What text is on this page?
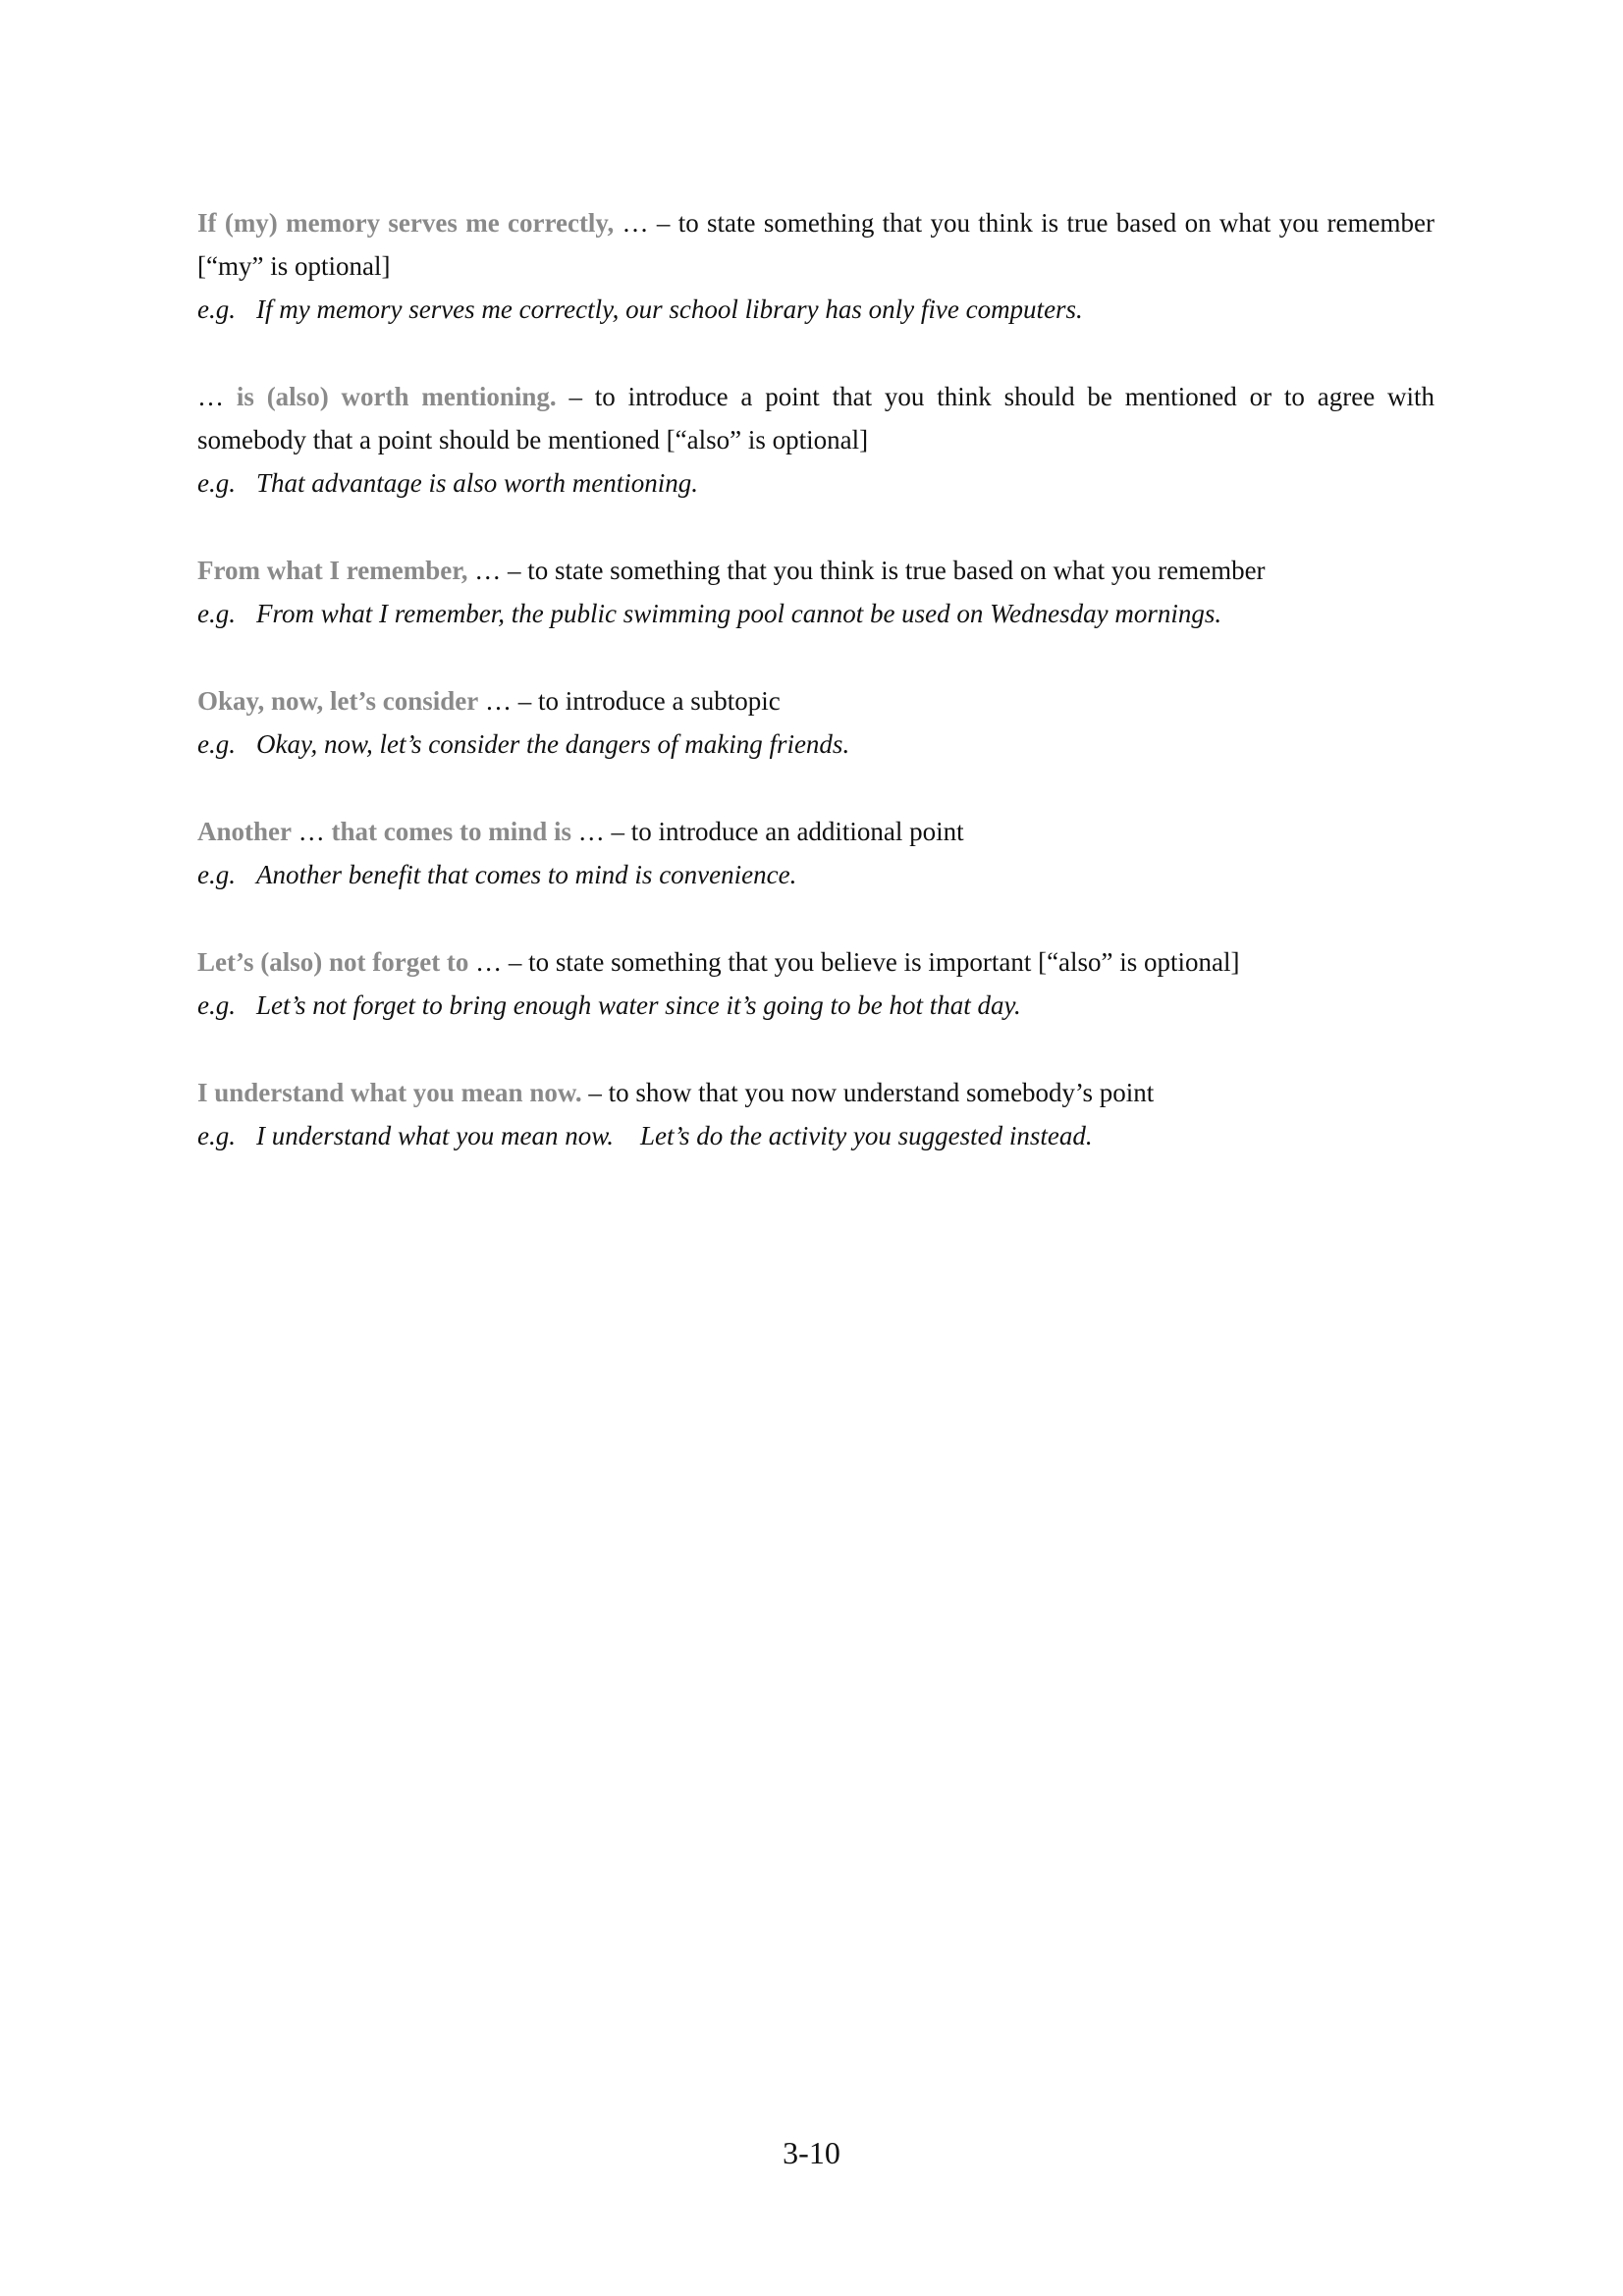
If (my) memory serves me correctly, … – to state something that you think is true based on what you remember [“my” is optional]

e.g. If my memory serves me correctly, our school library has only five computers.

… is (also) worth mentioning. – to introduce a point that you think should be mentioned or to agree with somebody that a point should be mentioned [“also” is optional]

e.g. That advantage is also worth mentioning.

From what I remember, … – to state something that you think is true based on what you remember

e.g. From what I remember, the public swimming pool cannot be used on Wednesday mornings.

Okay, now, let’s consider … – to introduce a subtopic

e.g. Okay, now, let’s consider the dangers of making friends.

Another … that comes to mind is … – to introduce an additional point

e.g. Another benefit that comes to mind is convenience.

Let’s (also) not forget to … – to state something that you believe is important [“also” is optional]

e.g. Let’s not forget to bring enough water since it’s going to be hot that day.

I understand what you mean now. – to show that you now understand somebody’s point

e.g. I understand what you mean now.    Let’s do the activity you suggested instead.

3-10
